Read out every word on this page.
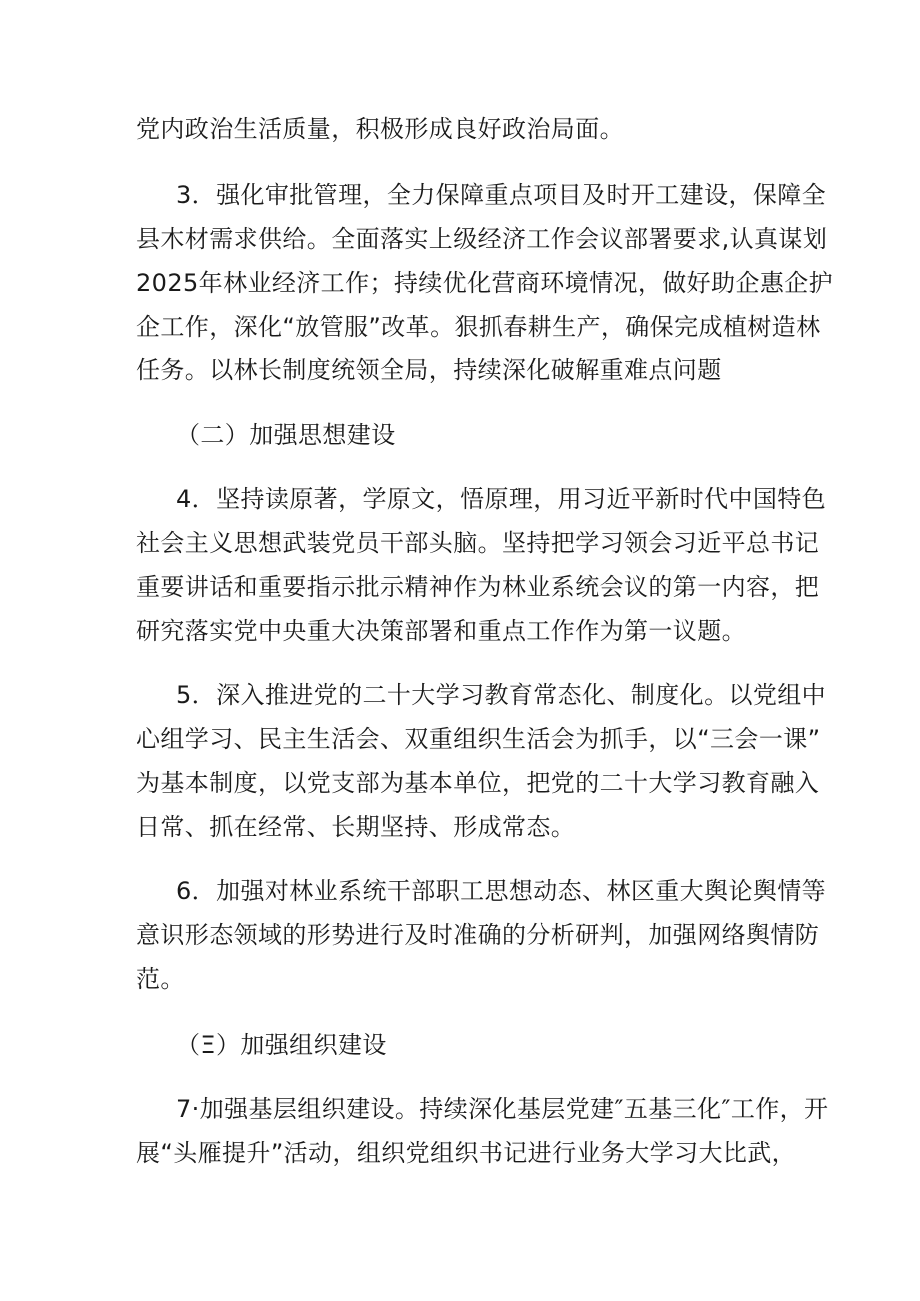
党内政治生活质量，积极形成良好政治局面。
3．强化审批管理，全力保障重点项目及时开工建设，保障全
县木材需求供给。全面落实上级经济工作会议部署要求,认真谋划
2025年林业经济工作；持续优化营商环境情况，做好助企惠企护
企工作，深化“放管服”改革。狠抓春耕生产，确保完成植树造林
任务。以林长制度统领全局，持续深化破解重难点问题
（二）加强思想建设
4．坚持读原著，学原文，悟原理，用习近平新时代中国特色
社会主义思想武装党员干部头脑。坚持把学习领会习近平总书记
重要讲话和重要指示批示精神作为林业系统会议的第一内容，把
研究落实党中央重大决策部署和重点工作作为第一议题。
5．深入推进党的二十大学习教育常态化、制度化。以党组中
心组学习、民主生活会、双重组织生活会为抓手，以“三会一课”
为基本制度，以党支部为基本单位，把党的二十大学习教育融入
日常、抓在经常、长期坚持、形成常态。
6．加强对林业系统干部职工思想动态、林区重大舆论舆情等
意识形态领域的形势进行及时准确的分析研判，加强网络舆情防
范。
（Ξ）加强组织建设
7·加强基层组织建设。持续深化基层党建″五基三化″工作，开
展“头雁提升”活动，组织党组织书记进行业务大学习大比武，
